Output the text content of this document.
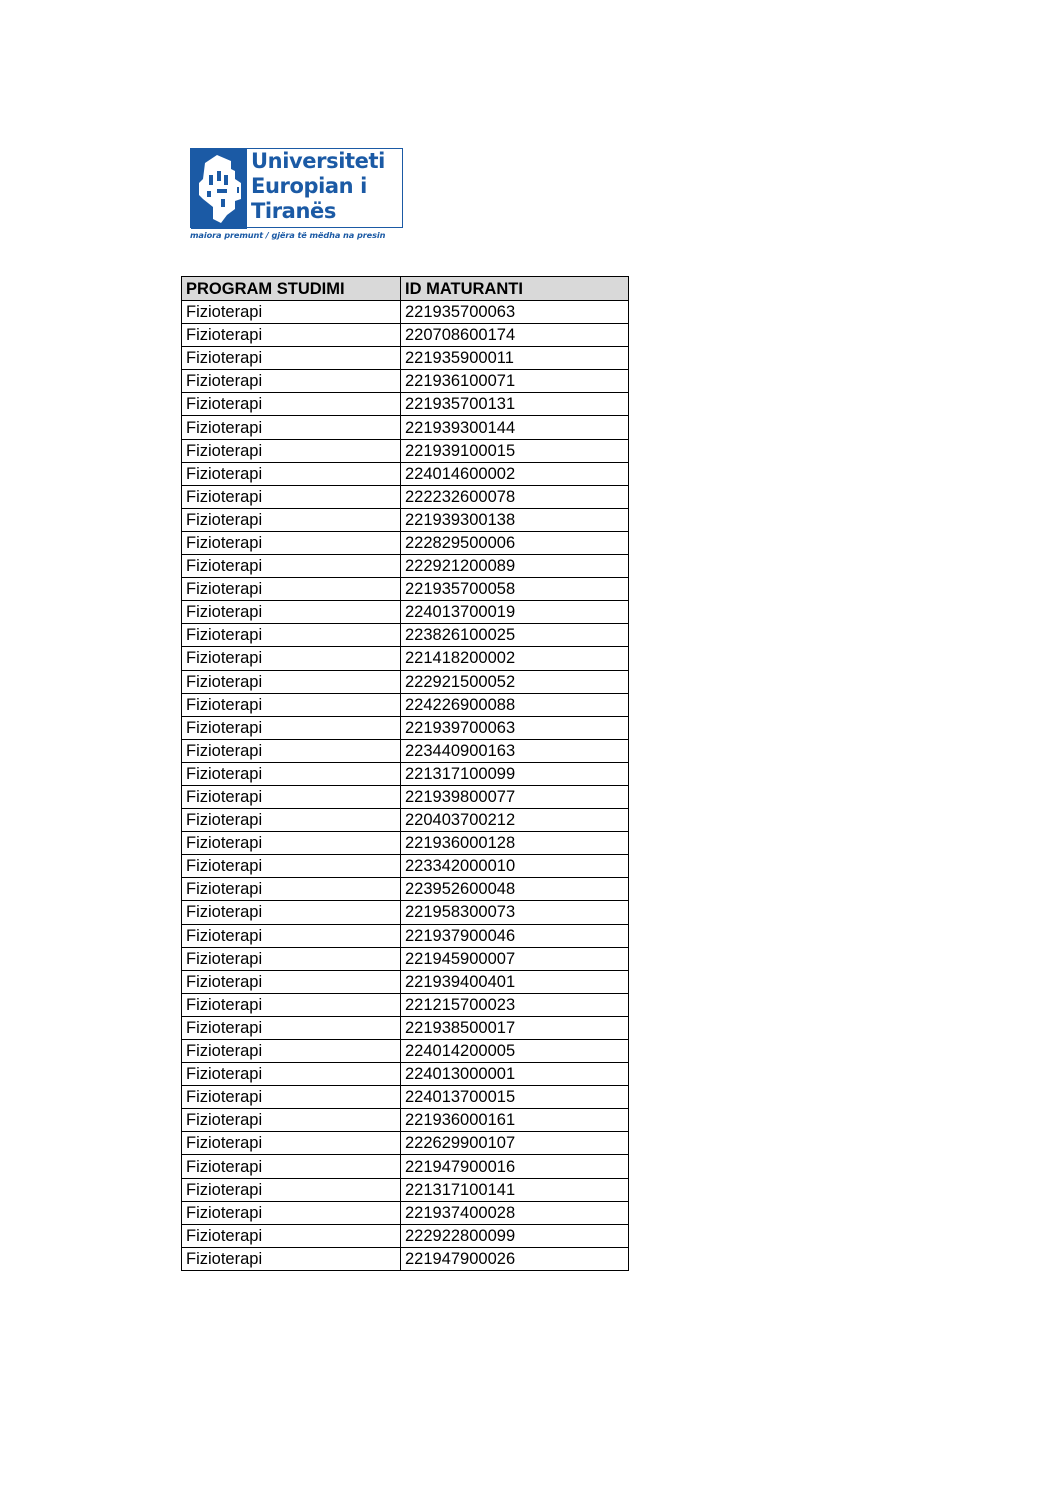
Universiteti
Europian i
Tiranës
maiora premunt / gjëra të mëdha na presin
PROGRAM STUDIMI	ID MATURANTI
Fizioterapi	221935700063
Fizioterapi	220708600174
Fizioterapi	221935900011
Fizioterapi	221936100071
Fizioterapi	221935700131
Fizioterapi	221939300144
Fizioterapi	221939100015
Fizioterapi	224014600002
Fizioterapi	222232600078
Fizioterapi	221939300138
Fizioterapi	222829500006
Fizioterapi	222921200089
Fizioterapi	221935700058
Fizioterapi	224013700019
Fizioterapi	223826100025
Fizioterapi	221418200002
Fizioterapi	222921500052
Fizioterapi	224226900088
Fizioterapi	221939700063
Fizioterapi	223440900163
Fizioterapi	221317100099
Fizioterapi	221939800077
Fizioterapi	220403700212
Fizioterapi	221936000128
Fizioterapi	223342000010
Fizioterapi	223952600048
Fizioterapi	221958300073
Fizioterapi	221937900046
Fizioterapi	221945900007
Fizioterapi	221939400401
Fizioterapi	221215700023
Fizioterapi	221938500017
Fizioterapi	224014200005
Fizioterapi	224013000001
Fizioterapi	224013700015
Fizioterapi	221936000161
Fizioterapi	222629900107
Fizioterapi	221947900016
Fizioterapi	221317100141
Fizioterapi	221937400028
Fizioterapi	222922800099
Fizioterapi	221947900026
